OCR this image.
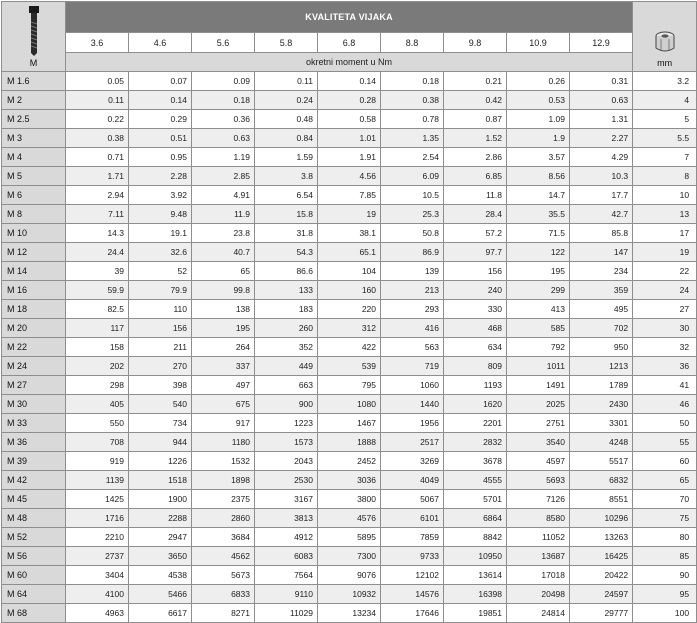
M	KVALITETA VIJAKA									mm

	3.6	4.6	5.6	5.8	6.8	8.8	9.8	10.9	12.9	
	okretni moment u Nm									
M 1.6	0.05	0.07	0.09	0.11	0.14	0.18	0.21	0.26	0.31	3.2
M 2	0.11	0.14	0.18	0.24	0.28	0.38	0.42	0.53	0.63	4
M 2.5	0.22	0.29	0.36	0.48	0.58	0.78	0.87	1.09	1.31	5
M 3	0.38	0.51	0.63	0.84	1.01	1.35	1.52	1.9	2.27	5.5
M 4	0.71	0.95	1.19	1.59	1.91	2.54	2.86	3.57	4.29	7
M 5	1.71	2.28	2.85	3.8	4.56	6.09	6.85	8.56	10.3	8
M 6	2.94	3.92	4.91	6.54	7.85	10.5	11.8	14.7	17.7	10
M 8	7.11	9.48	11.9	15.8	19	25.3	28.4	35.5	42.7	13
M 10	14.3	19.1	23.8	31.8	38.1	50.8	57.2	71.5	85.8	17
M 12	24.4	32.6	40.7	54.3	65.1	86.9	97.7	122	147	19
M 14	39	52	65	86.6	104	139	156	195	234	22
M 16	59.9	79.9	99.8	133	160	213	240	299	359	24
M 18	82.5	110	138	183	220	293	330	413	495	27
M 20	117	156	195	260	312	416	468	585	702	30
M 22	158	211	264	352	422	563	634	792	950	32
M 24	202	270	337	449	539	719	809	1011	1213	36
M 27	298	398	497	663	795	1060	1193	1491	1789	41
M 30	405	540	675	900	1080	1440	1620	2025	2430	46
M 33	550	734	917	1223	1467	1956	2201	2751	3301	50
M 36	708	944	1180	1573	1888	2517	2832	3540	4248	55
M 39	919	1226	1532	2043	2452	3269	3678	4597	5517	60
M 42	1139	1518	1898	2530	3036	4049	4555	5693	6832	65
M 45	1425	1900	2375	3167	3800	5067	5701	7126	8551	70
M 48	1716	2288	2860	3813	4576	6101	6864	8580	10296	75
M 52	2210	2947	3684	4912	5895	7859	8842	11052	13263	80
M 56	2737	3650	4562	6083	7300	9733	10950	13687	16425	85
M 60	3404	4538	5673	7564	9076	12102	13614	17018	20422	90
M 64	4100	5466	6833	9110	10932	14576	16398	20498	24597	95
M 68	4963	6617	8271	11029	13234	17646	19851	24814	29777	100
